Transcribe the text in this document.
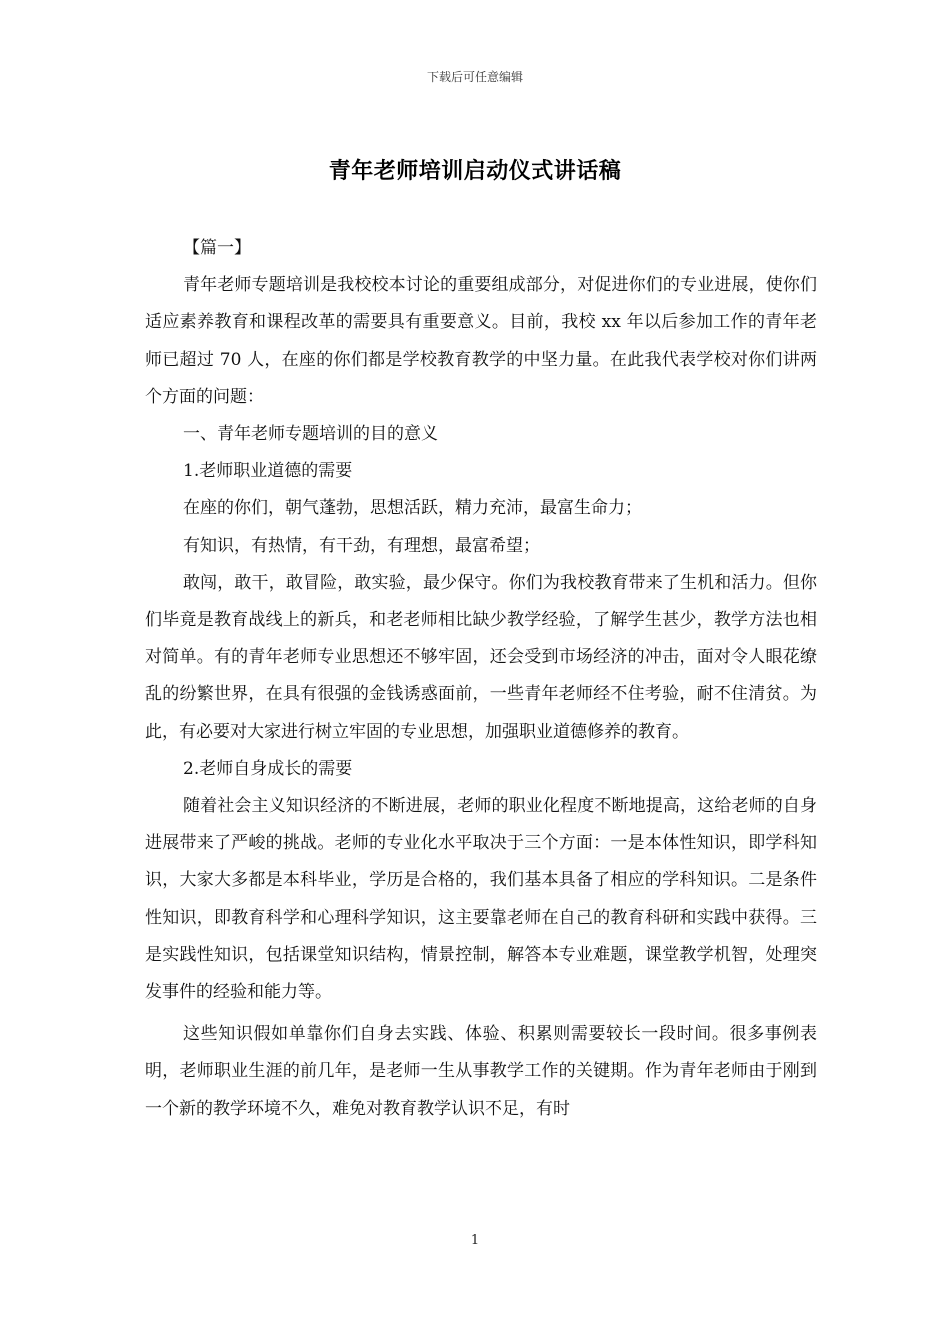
下载后可任意编辑
青年老师培训启动仪式讲话稿

【篇一】

青年老师专题培训是我校校本讨论的重要组成部分，对促进你们的专业进展，使你们适应素养教育和课程改革的需要具有重要意义。目前，我校 xx 年以后参加工作的青年老师已超过 70 人，在座的你们都是学校教育教学的中坚力量。在此我代表学校对你们讲两个方面的问题：

一、青年老师专题培训的目的意义

1.老师职业道德的需要

在座的你们，朝气蓬勃，思想活跃，精力充沛，最富生命力；

有知识，有热情，有干劲，有理想，最富希望；

敢闯，敢干，敢冒险，敢实验，最少保守。你们为我校教育带来了生机和活力。但你们毕竟是教育战线上的新兵，和老老师相比缺少教学经验，了解学生甚少，教学方法也相对简单。有的青年老师专业思想还不够牢固，还会受到市场经济的冲击，面对令人眼花缭乱的纷繁世界，在具有很强的金钱诱惑面前，一些青年老师经不住考验，耐不住清贫。为此，有必要对大家进行树立牢固的专业思想，加强职业道德修养的教育。

2.老师自身成长的需要

随着社会主义知识经济的不断进展，老师的职业化程度不断地提高，这给老师的自身进展带来了严峻的挑战。老师的专业化水平取决于三个方面：一是本体性知识，即学科知识，大家大多都是本科毕业，学历是合格的，我们基本具备了相应的学科知识。二是条件性知识，即教育科学和心理科学知识，这主要靠老师在自己的教育科研和实践中获得。三是实践性知识，包括课堂知识结构，情景控制，解答本专业难题，课堂教学机智，处理突发事件的经验和能力等。

这些知识假如单靠你们自身去实践、体验、积累则需要较长一段时间。很多事例表明，老师职业生涯的前几年，是老师一生从事教学工作的关键期。作为青年老师由于刚到一个新的教学环境不久，难免对教育教学认识不足，有时

1
